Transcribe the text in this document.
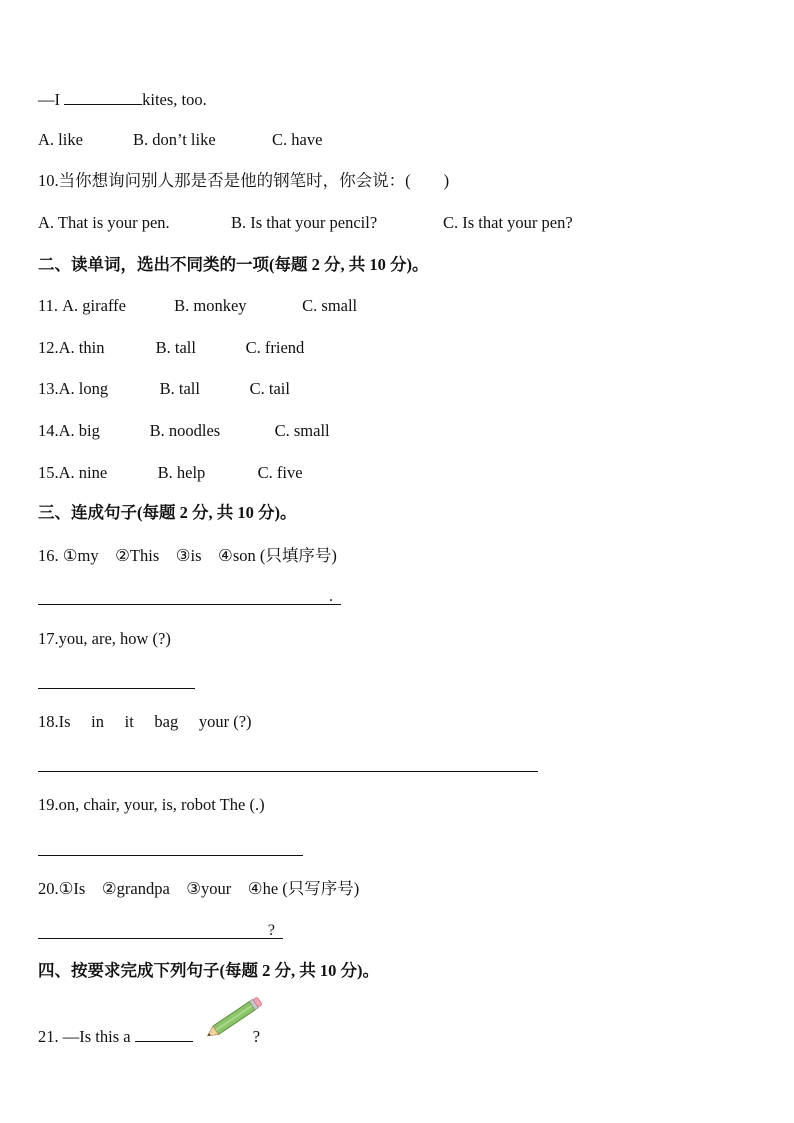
—I	kites, too.
A. like	B. don’t like	C. have
10.当你想询问别人那是否是他的钢笔时，你会说：(　　)
A. That is your pen.	B. Is that your pencil?	C. Is that your pen?
二、读单词，选出不同类的一项(每题 2 分, 共 10 分)。
11. A. giraffe	B. monkey	C. small
12.A. thin	B. tall	C. friend
13.A. long	B. tall	C. tail
14.A. big	B. noodles	C. small
15.A. nine	B. help	C. five
三、连成句子(每题 2 分, 共 10 分)。
16. ①my　②This　③is　④son (只填序号)
.
17.you, are, how (?)
18.Is　 in　 it　 bag　 your (?)
19.on, chair, your, is, robot The (.)
20.①Is　②grandpa　③your　④he (只写序号)
?
四、按要求完成下列句子(每题 2 分, 共 10 分)。
21. —Is this a	?
